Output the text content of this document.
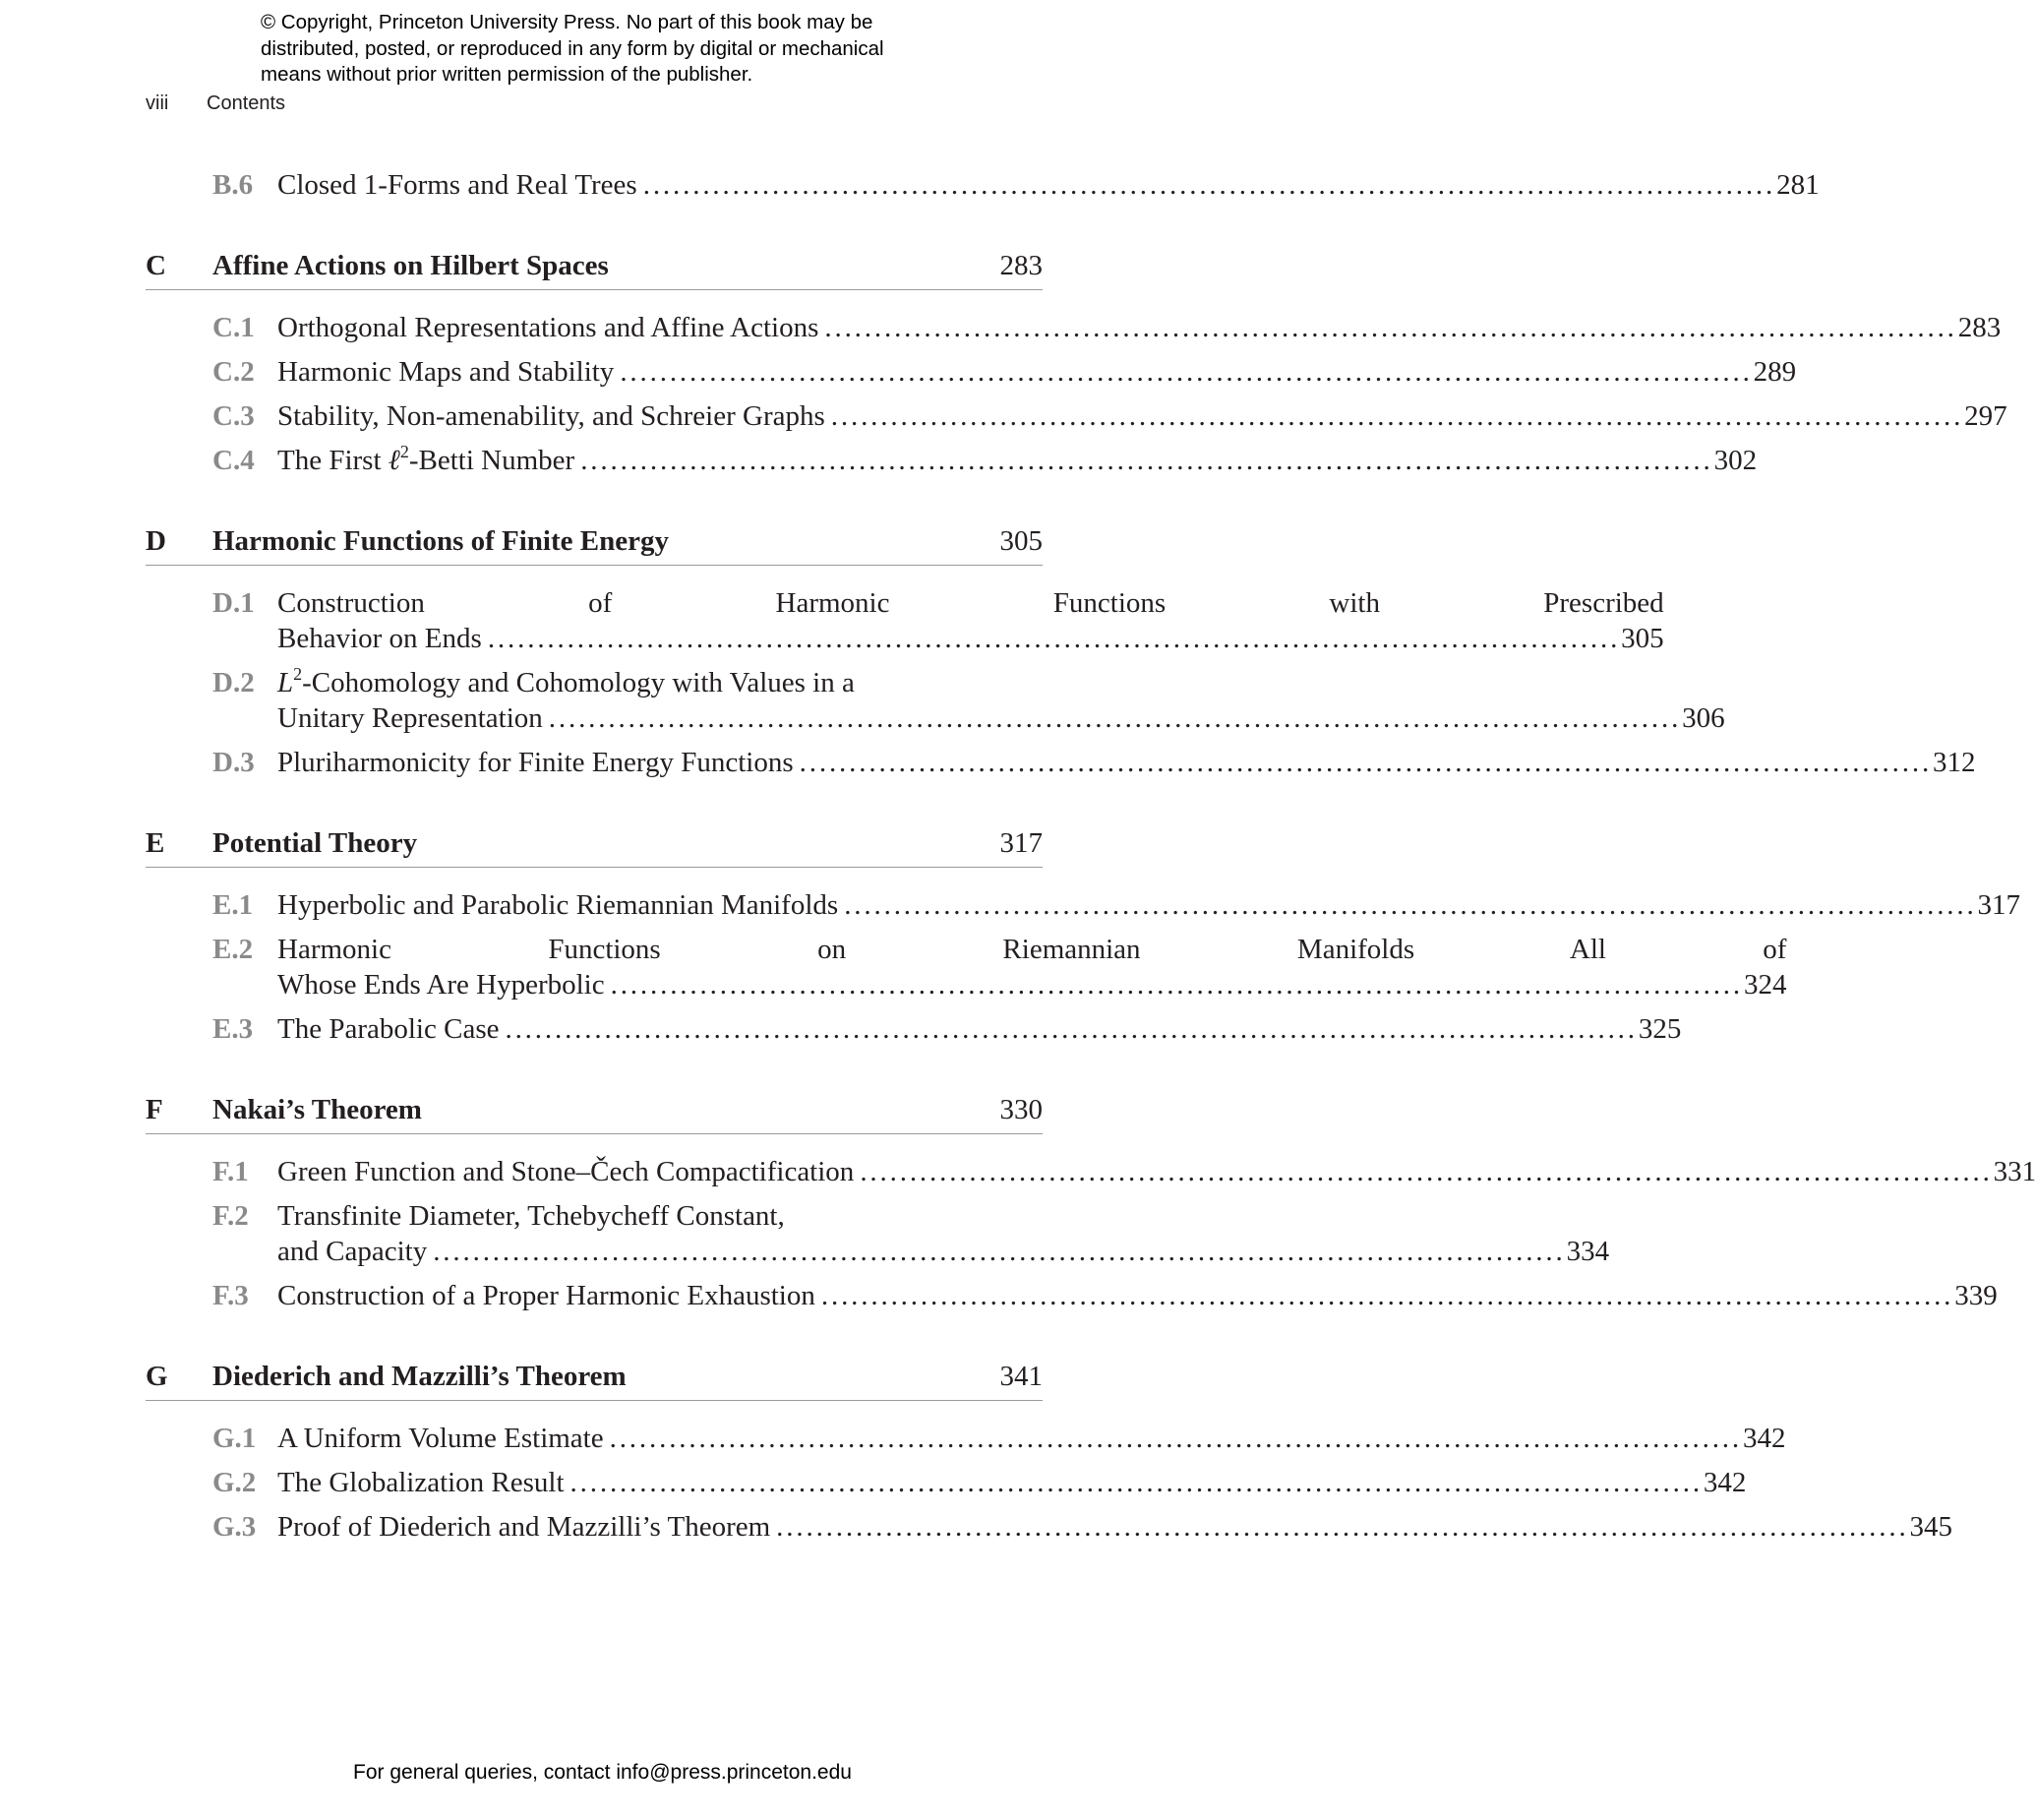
© Copyright, Princeton University Press. No part of this book may be
distributed, posted, or reproduced in any form by digital or mechanical
means without prior written permission of the publisher.
viii Contents
B.6 Closed 1-Forms and Real Trees . . .	281
C	Affine Actions on Hilbert Spaces	283
C.1 Orthogonal Representations and Affine Actions . . .	283
C.2 Harmonic Maps and Stability . . .	289
C.3 Stability, Non-amenability, and Schreier Graphs . . .	297
C.4 The First ℓ$^2$-Betti Number . . .	302
D	Harmonic Functions of Finite Energy	305
D.1 Construction of Harmonic Functions with Prescribed
Behavior on Ends . . .	305
D.2 $L^2$-Cohomology and Cohomology with Values in a
Unitary Representation . . .	306
D.3 Pluriharmonicity for Finite Energy Functions . . .	312
E	Potential Theory	317
E.1 Hyperbolic and Parabolic Riemannian Manifolds . . .	317
E.2 Harmonic Functions on Riemannian Manifolds All of
Whose Ends Are Hyperbolic . . .	324
E.3 The Parabolic Case . . .	325
F	Nakai’s Theorem	330
F.1	Green Function and Stone–Čech Compactification . . .	331
F.2	Transfinite Diameter, Tchebycheff Constant,
and Capacity . . .	334
F.3	Construction of a Proper Harmonic Exhaustion . . .	339
G	Diederich and Mazzilli’s Theorem	341
G.1 A Uniform Volume Estimate . . .	342
G.2 The Globalization Result . . .	342
G.3 Proof of Diederich and Mazzilli’s Theorem . . .	345
For general queries, contact info@press.princeton.edu
